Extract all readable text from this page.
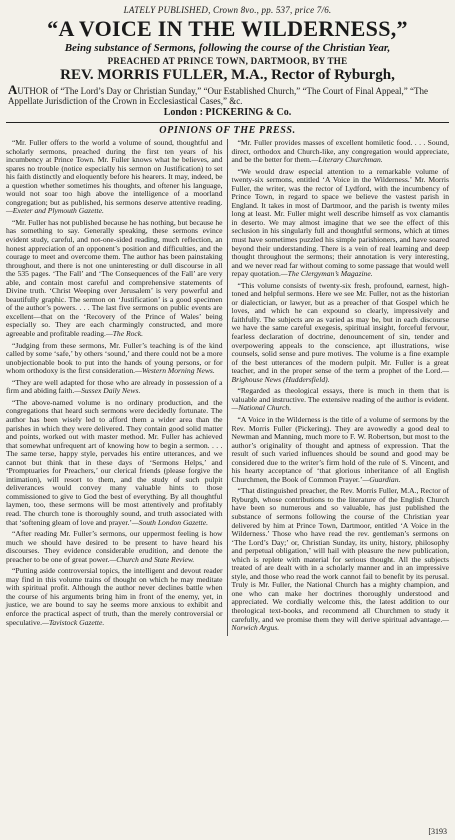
LATELY PUBLISHED, Crown 8vo., pp. 537, price 7/6.
“A VOICE IN THE WILDERNESS,”
Being substance of Sermons, following the course of the Christian Year,
PREACHED AT PRINCE TOWN, DARTMOOR, BY THE
REV. MORRIS FULLER, M.A., Rector of Ryburgh,
AUTHOR of “The Lord’s Day or Christian Sunday,” “Our Established Church,” “The Court of Final Appeal,” “The Appellate Jurisdiction of the Crown in Ecclesiastical Cases,” &c.
London : PICKERING & Co.
OPINIONS OF THE PRESS.

“Mr. Fuller offers to the world a volume of sound, thoughtful and scholarly sermons, preached during the first ten years of his incumbency at Prince Town. Mr. Fuller knows what he believes, and spares no trouble (notice especially his sermon on Justification) to set his faith distinctly and eloquently before his hearers. It may, indeed, be a question whether sometimes his thoughts, and oftener his language, would not soar too high above the intelligence of a moorland congregation; but as published, his sermons deserve attentive reading.—Exeter and Plymouth Gazette.

“Mr. Fuller has not published because he has nothing, but because he has something to say. Generally speaking, these sermons evince evident study, careful, and not-one-sided reading, much reflection, an honest appreciation of an opponent’s position and difficulties, and the courage to meet and overcome them. The author has been painstaking throughout, and there is not one uninteresting or dull discourse in all the 535 pages. ‘The Fall’ and ‘The Consequences of the Fall’ are very able, and contain most careful and comprehensive statements of Divine truth. ‘Christ Weeping over Jerusalem’ is very powerful and beautifully graphic. The sermon on ‘Justification’ is a good specimen of the author’s powers. . . . The last five sermons on public events are excellent—that on the ‘Recovery of the Prince of Wales’ being especially so. They are each charmingly constructed, and more agreeable and profitable reading.—The Rock.

“Judging from these sermons, Mr. Fuller’s teaching is of the kind called by some ‘safe,’ by others ‘sound,’ and there could not be a more unobjectionable book to put into the hands of young persons, or for whom orthodoxy is the first consideration.—Western Morning News.

“They are well adapted for those who are already in possession of a firm and abiding faith.—Sussex Daily News.

“The above-named volume is no ordinary production, and the congregations that heard such sermons were decidedly fortunate. The author has been wisely led to afford them a wider area than the parishes in which they were delivered. They contain good solid matter and points, worked out with master method. Mr. Fuller has achieved that somewhat unfrequent art of knowing how to begin a sermon. . . . The same terse, happy style, pervades his entire utterances, and we cannot but think that in these days of ‘Sermons Helps,’ and ‘Promptuaries for Preachers,’ our clerical friends (please forgive the intimation), will resort to them, and the study of such pulpit deliverances would convey many valuable hints to those commissioned to give to God the best of everything. By all thoughtful laymen, too, these sermons will be most attentively and profitably read. The church tone is thoroughly sound, and truth associated with that ‘softening gleam of love and prayer.’—South London Gazette.

“After reading Mr. Fuller’s sermons, our uppermost feeling is how much we should have desired to be present to have heard his discourses. They evidence considerable erudition, and denote the preacher to be one of great power.—Church and State Review.

“Putting aside controversial topics, the intelligent and devout reader may find in this volume trains of thought on which he may meditate with spiritual profit. Although the author never declines battle when the course of his arguments bring him in front of the enemy, yet, in justice, we are bound to say he seems more anxious to exhibit and enforce the practical aspect of truth, than the merely controversial or speculative.—Tavistock Gazette.

“Mr. Fuller provides masses of excellent homiletic food. . . . Sound, direct, orthodox and Church-like, any congregation would appreciate, and be the better for them.—Literary Churchman.

“We would draw especial attention to a remarkable volume of twenty-six sermons, entitled ‘A Voice in the Wilderness.’ Mr. Morris Fuller, the writer, was the rector of Lydford, with the incumbency of Prince Town, in regard to space we believe the vastest parish in England. It takes in most of Dartmoor, and the parish is twenty miles long at least. Mr. Fuller might well describe himself as vox clamantis in deserto. We may almost imagine that we see the effect of this seclusion in his singularly full and thoughtful sermons, which at times must have sometimes puzzled his simple parishioners, and have soared beyond their understanding. There is a vein of real learning and deep thought throughout the sermons; their annotation is very interesting, and we never read far without coming to some passage that would well repay quotation.—The Clergyman’s Magazine.

“This volume consists of twenty-six fresh, profound, earnest, high-toned and helpful sermons. Here we see Mr. Fuller, not as the historian or dialectician, or lawyer, but as a preacher of that Gospel which he loves, and which he can expound so clearly, impressively and faithfully. The subjects are as varied as may be, but in each discourse we have the same careful exegesis, spiritual insight, forceful fervour, fearless declaration of doctrine, denouncement of sin, tender and overpowering appeals to the conscience, apt illustrations, wise counsels, solid sense and pure motives. The volume is a fine example of the best utterances of the modern pulpit. Mr. Fuller is a great teacher, and in the proper sense of the term a prophet of the Lord.—Brighouse News (Huddersfield).

“Regarded as theological essays, there is much in them that is valuable and instructive. The extensive reading of the author is evident.—National Church.

“A Voice in the Wilderness is the title of a volume of sermons by the Rev. Morris Fuller (Pickering). They are avowedly a good deal to Newman and Manning, much more to F. W. Robertson, but most to the author’s originality of thought and aptness of expression. That the result of such varied influences should be sound and good may be considered due to the writer’s firm hold of the rule of S. Vincent, and his hearty acceptance of ‘that glorious inheritance of all English Churchmen, the Book of Common Prayer.’—Guardian.

“That distinguished preacher, the Rev. Morris Fuller, M.A., Rector of Ryburgh, whose contributions to the literature of the English Church have been so numerous and so valuable, has just published the substance of sermons following the course of the Christian year delivered by him at Prince Town, Dartmoor, entitled ‘A Voice in the Wilderness.’ Those who have read the rev. gentleman’s sermons on ‘The Lord’s Day;’ or, Christian Sunday, its unity, history, philosophy and perpetual obligation,’ will hail with pleasure the new publication, which is replete with material for serious thought. All the subjects treated of are dealt with in a scholarly manner and in an impressive style, and those who read the work cannot fail to benefit by its perusal. Truly is Mr. Fuller, the National Church has a mighty champion, and one who can make her doctrines thoroughly understood and appreciated. We cordially welcome this, the latest addition to our theological text-books, and recommend all Churchmen to study it carefully, and we promise them they will derive spiritual advantage.—Norwich Argus.

[3193
